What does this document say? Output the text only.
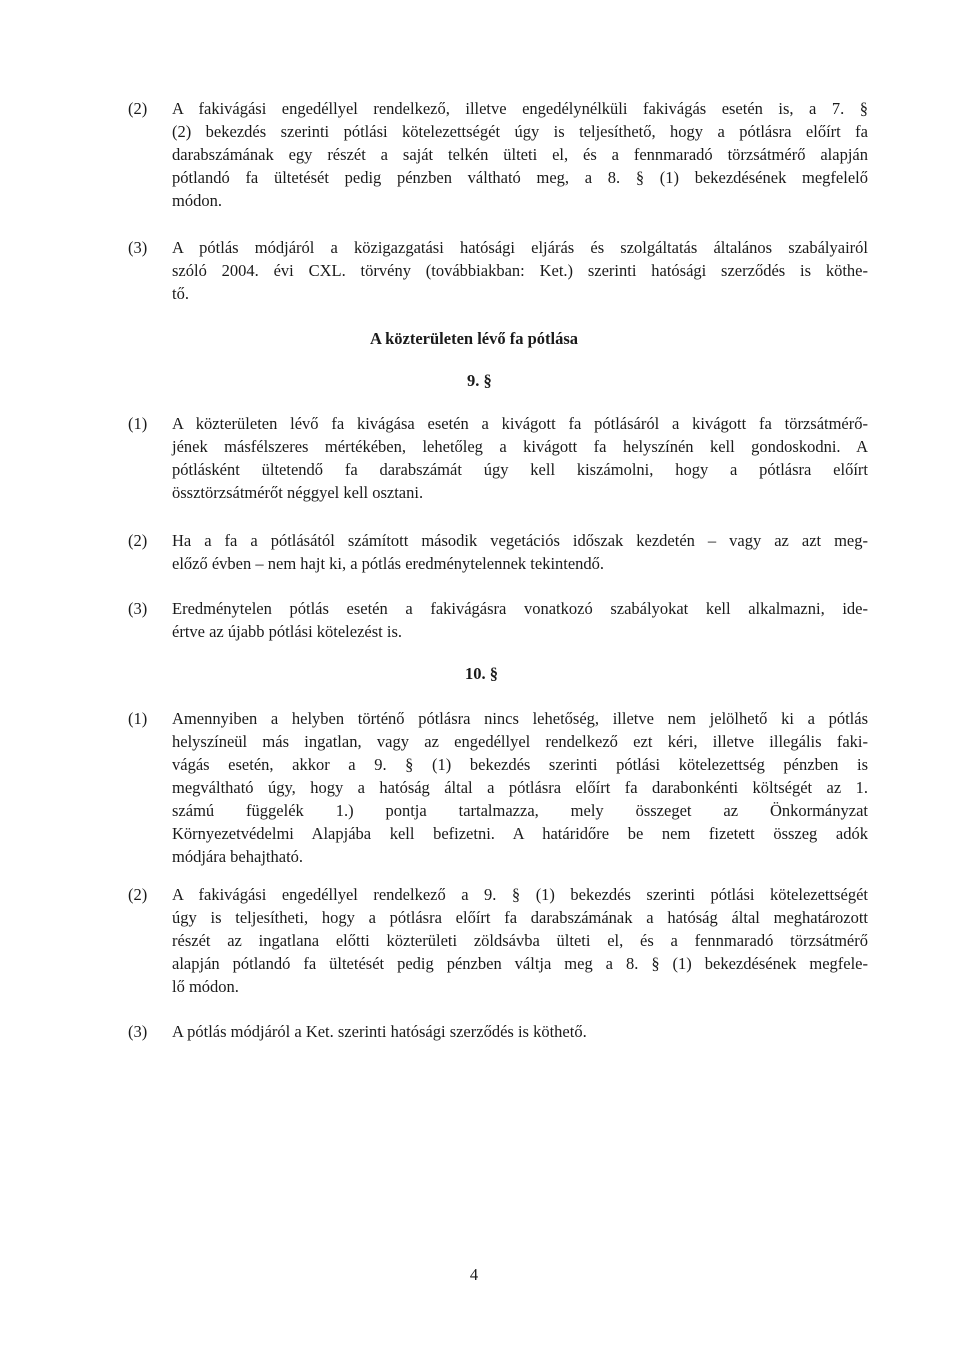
(2)	A fakivágási engedéllyel rendelkező, illetve engedélynélküli fakivágás esetén is, a 7. §
(2) bekezdés szerinti pótlási kötelezettségét úgy is teljesíthető, hogy a pótlásra előírt fa
darabszámának egy részét a saját telkén ülteti el, és a fennmaradó törzsátmérő alapján
pótlandó fa ültetését pedig pénzben váltható meg, a 8. § (1) bekezdésének megfelelő
módon.
(3)	A pótlás módjáról a közigazgatási hatósági eljárás és szolgáltatás általános szabályairól
szóló 2004. évi CXL. törvény (továbbiakban: Ket.) szerinti hatósági szerződés is köthe-
tő.
A közterületen lévő fa pótlása
9. §
(1)	A közterületen lévő fa kivágása esetén a kivágott fa pótlásáról a kivágott fa törzsátmérő-
jének másfélszeres mértékében, lehetőleg a kivágott fa helyszínén kell gondoskodni. A
pótlásként ültetendő fa darabszámát úgy kell kiszámolni, hogy a pótlásra előírt
össztörzsátmérőt néggyel kell osztani.
(2)	Ha a fa a pótlásától számított második vegetációs időszak kezdetén – vagy az azt meg-
előző évben – nem hajt ki, a pótlás eredménytelennek tekintendő.
(3)	Eredménytelen pótlás esetén a fakivágásra vonatkozó szabályokat kell alkalmazni, ide-
értve az újabb pótlási kötelezést is.
10. §
(1)	Amennyiben a helyben történő pótlásra nincs lehetőség, illetve nem jelölhető ki a pótlás
helyszíneül más ingatlan, vagy az engedéllyel rendelkező ezt kéri, illetve illegális faki-
vágás esetén, akkor a 9. § (1) bekezdés szerinti pótlási kötelezettség pénzben is
megváltható úgy, hogy a hatóság által a pótlásra előírt fa darabonkénti költségét az 1.
számú függelék 1.) pontja tartalmazza, mely összeget az Önkormányzat
Környezetvédelmi Alapjába kell befizetni. A határidőre be nem fizetett összeg adók
módjára behajtható.
(2)	A fakivágási engedéllyel rendelkező a 9. § (1) bekezdés szerinti pótlási kötelezettségét
úgy is teljesítheti, hogy a pótlásra előírt fa darabszámának a hatóság által meghatározott
részét az ingatlana előtti közterületi zöldsávba ülteti el, és a fennmaradó törzsátmérő
alapján pótlandó fa ültetését pedig pénzben váltja meg a 8. § (1) bekezdésének megfele-
lő módon.
(3)	A pótlás módjáról a Ket. szerinti hatósági szerződés is köthető.
4
